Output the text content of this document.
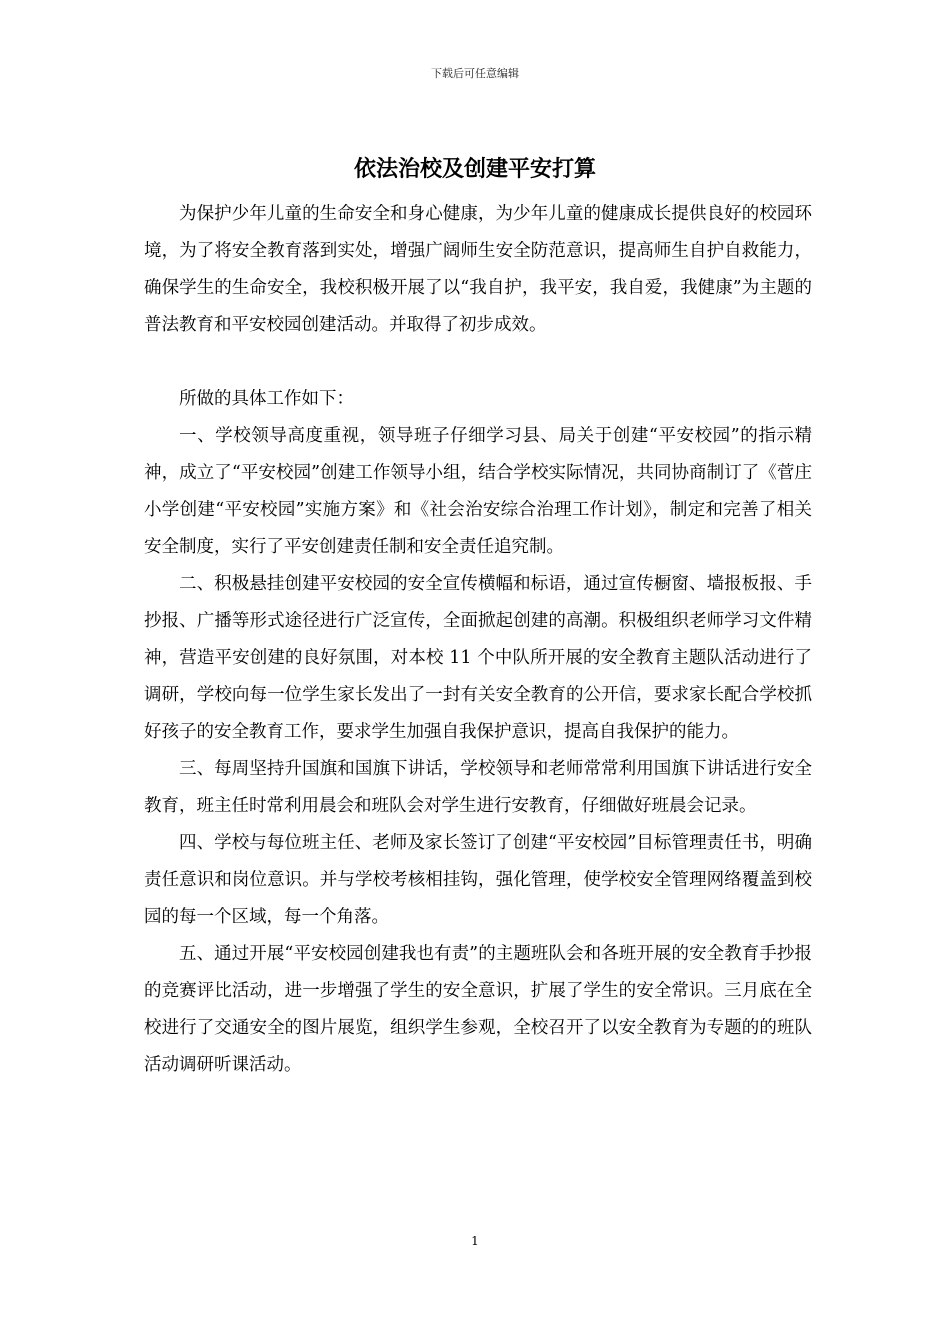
下载后可任意编辑
依法治校及创建平安打算

为保护少年儿童的生命安全和身心健康，为少年儿童的健康成长提供良好的校园环境，为了将安全教育落到实处，增强广阔师生安全防范意识，提高师生自护自救能力，确保学生的生命安全，我校积极开展了以“我自护，我平安，我自爱，我健康”为主题的普法教育和平安校园创建活动。并取得了初步成效。

所做的具体工作如下：

一、学校领导高度重视，领导班子仔细学习县、局关于创建“平安校园”的指示精神，成立了“平安校园”创建工作领导小组，结合学校实际情况，共同协商制订了《菅庄小学创建“平安校园”实施方案》和《社会治安综合治理工作计划》，制定和完善了相关安全制度，实行了平安创建责任制和安全责任追究制。

二、积极悬挂创建平安校园的安全宣传横幅和标语，通过宣传橱窗、墙报板报、手抄报、广播等形式途径进行广泛宣传，全面掀起创建的高潮。积极组织老师学习文件精神，营造平安创建的良好氛围，对本校 11 个中队所开展的安全教育主题队活动进行了调研，学校向每一位学生家长发出了一封有关安全教育的公开信，要求家长配合学校抓好孩子的安全教育工作，要求学生加强自我保护意识，提高自我保护的能力。

三、每周坚持升国旗和国旗下讲话，学校领导和老师常常利用国旗下讲话进行安全教育，班主任时常利用晨会和班队会对学生进行安教育，仔细做好班晨会记录。

四、学校与每位班主任、老师及家长签订了创建“平安校园”目标管理责任书，明确责任意识和岗位意识。并与学校考核相挂钩，强化管理，使学校安全管理网络覆盖到校园的每一个区域，每一个角落。

五、通过开展“平安校园创建我也有责”的主题班队会和各班开展的安全教育手抄报的竞赛评比活动，进一步增强了学生的安全意识，扩展了学生的安全常识。三月底在全校进行了交通安全的图片展览，组织学生参观，全校召开了以安全教育为专题的的班队活动调研听课活动。

1
